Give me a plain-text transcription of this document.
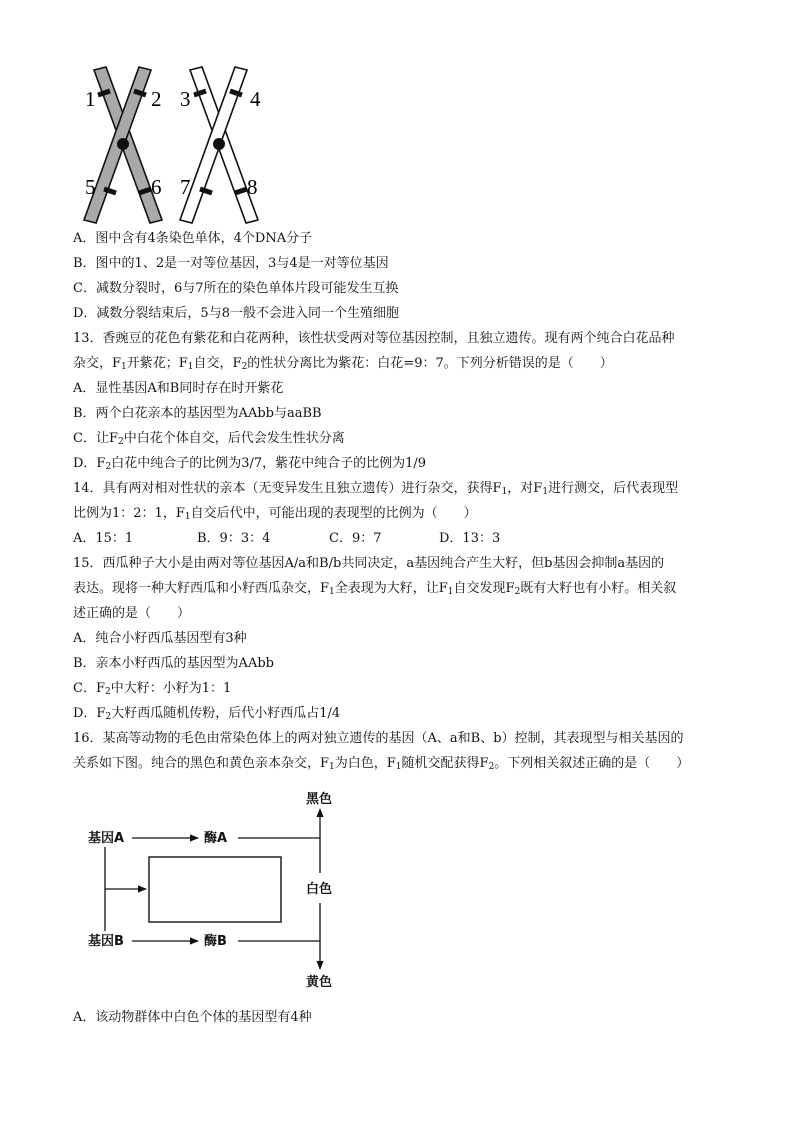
1	2 3	4
5	6 7	8
A．图中含有4条染色单体，4个DNA分子
B．图中的1、2是一对等位基因，3与4是一对等位基因
C．减数分裂时，6与7所在的染色单体片段可能发生互换
D．减数分裂结束后，5与8一般不会进入同一个生殖细胞
13．香豌豆的花色有紫花和白花两种，该性状受两对等位基因控制，且独立遗传。现有两个纯合白花品种
杂交，$F_1$开紫花；$F_1$自交，$F_2$的性状分离比为紫花：白花=9：7。下列分析错误的是（　　）
A．显性基因A和B同时存在时开紫花
B．两个白花亲本的基因型为AAbb与aaBB
C．让$F_2$中白花个体自交，后代会发生性状分离
D．$F_2$白花中纯合子的比例为3/7，紫花中纯合子的比例为1/9
14．具有两对相对性状的亲本（无变异发生且独立遗传）进行杂交，获得$F_1$，对$F_1$进行测交，后代表现型
比例为1：2：1，$F_1$自交后代中，可能出现的表现型的比例为（　　）
A．15：1	B．9：3：4	C．9：7	D．13：3
15．西瓜种子大小是由两对等位基因A/a和B/b共同决定，a基因纯合产生大籽，但b基因会抑制a基因的
表达。现将一种大籽西瓜和小籽西瓜杂交，$F_1$全表现为大籽，让$F_1$自交发现$F_2$既有大籽也有小籽。相关叙
述正确的是（　　）
A．纯合小籽西瓜基因型有3种
B．亲本小籽西瓜的基因型为AAbb
C．$F_2$中大籽：小籽为1：1
D．$F_2$大籽西瓜随机传粉，后代小籽西瓜占1/4
16．某高等动物的毛色由常染色体上的两对独立遗传的基因（A、a和B、b）控制，其表现型与相关基因的
关系如下图。纯合的黑色和黄色亲本杂交，$F_1$为白色，$F_1$随机交配获得$F_2$。下列相关叙述正确的是（　　）
基因A
基因B
酶A
酶B
黑色
白色
黄色
A．该动物群体中白色个体的基因型有4种
